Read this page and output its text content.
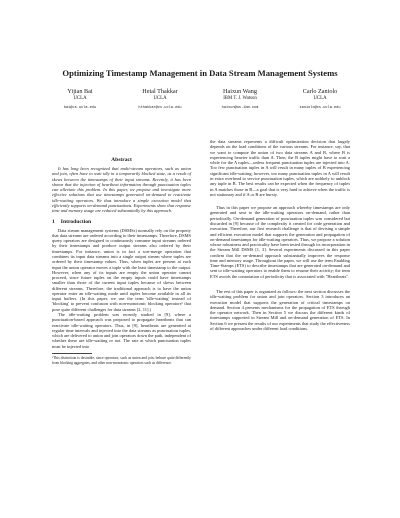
Optimizing Timestamp Management in Data Stream Management Systems
Yijian Bai
UCLA
bai@cs.ucla.edu
Hetal Thakkar
UCLA
hthakkar@cs.ucla.edu
Haixun Wang
IBM T. J. Watson
haixun@us.ibm.com
Carlo Zaniolo
UCLA
zaniolo@cs.ucla.edu
Abstract

It has long been recognized that multi-stream operators, such as union and join, often have to wait idly in a temporarily blocked state, as a result of skews between the timestamps of their input streams. Recently, it has been shown that the injection of heartbeat information through punctuation tuples can alleviate this problem. In this paper, we propose and investigate more effective solutions that use timestamps generated on-demand to reactivate idle-waiting operators. We thus introduce a simple execution model that efficiently supports on-demand punctuations. Experiments show that response time and memory usage are reduced substantially by this approach.

1 Introduction

Data stream management systems (DSMSs) normally rely on the property that data streams are ordered according to their timestamps. Therefore, DSMS query operators are designed to continuously consume input streams ordered by their timestamps and produce output streams also ordered by their timestamps. For instance, union is in fact a sort-merge operation that combines its input data streams into a single output stream where tuples are ordered by their timestamp values. Thus, when tuples are present at each input the union operator moves a tuple with the least timestamp to the output. However, when any of its inputs are empty the union operator cannot proceed, since future tuples on the empty inputs could have timestamps smaller than those of the current input tuples because of skews between different streams. Therefore, the traditional approach is to have the union operator enter an idle-waiting mode until tuples become available in all its input buffers. (In this paper, we use the term 'idle-waiting' instead of 'blocking' to prevent confusion with non-monotonic blocking operators¹ that pose quite different challenges for data streams [2, 11].)

The idle-waiting problem was recently studied in [9], where a punctuation-based approach was proposed to propagate heartbeats that can reactivate idle-waiting operators. Thus, in [9], heartbeats are generated at regular time intervals and injected into the data streams as punctuation tuples, which are delivered to union and join operators down the path, independent of whether these are idle-waiting or not. The rate at which punctuation tuples must be injected into

¹This distinction is desirable, since operators, such as union and join, behave quite differently from blocking aggregates, and other non-monotonic operators such as difference.

the data streams represents a difficult optimization decision that largely depends on the load conditions of the various streams. For instance, say, that we want to compute the union of two data streams A and B, where B is experiencing heavier traffic than A. Then, the B tuples might have to wait a while for the A tuples—unless frequent punctuation tuples are injected into A. Too few punctuation tuples in A will result in many tuples of B experiencing significant idle-waiting; however, too many punctuation tuples in A will result in extra overhead to service punctuation tuples, which are unlikely to unblock any tuple in B. The best results can be expected when the frequency of tuples in A matches those in B—a goal that is very hard to achieve when the traffic is not stationary and if A or B are bursty.

Thus in this paper we propose an approach whereby timestamps are only generated and sent to the idle-waiting operators on-demand, rather than periodically. On-demand generation of punctuation tuples was considered but discarded in [9] because of the complexity it created for code generation and execution. Therefore, our first research challenge is that of devising a simple and efficient execution model that supports the generation and propagation of on-demand timestamps for idle-waiting operators. Thus, we propose a solution whose robustness and practicality have been tested through its incorporation in the Stream Mill DSMS [1, 3]. Several experiments discussed in this paper confirm that the on-demand approach substantially improves the response time and memory usage. Throughout the paper, we will use the term Enabling Time-Stamps (ETS) to describe timestamps that are generated on-demand and sent to idle-waiting operators to enable them to resume their activity; the term ETS avoids the connotation of periodicity that is associated with "Heartbeats".

The rest of this paper is organized as follows: the next section discusses the idle-waiting problem for union and join operators. Section 3 introduces an execution model that supports the generation of critical timestamps on demand. Section 4 presents mechanisms for the propagation of ETS through the operator network. Then in Section 5 we discuss the different kinds of timestamps supported in Stream Mill and on-demand generation of ETS. In Section 6 we present the results of our experiments that study the effectiveness of different approaches under different load conditions.
